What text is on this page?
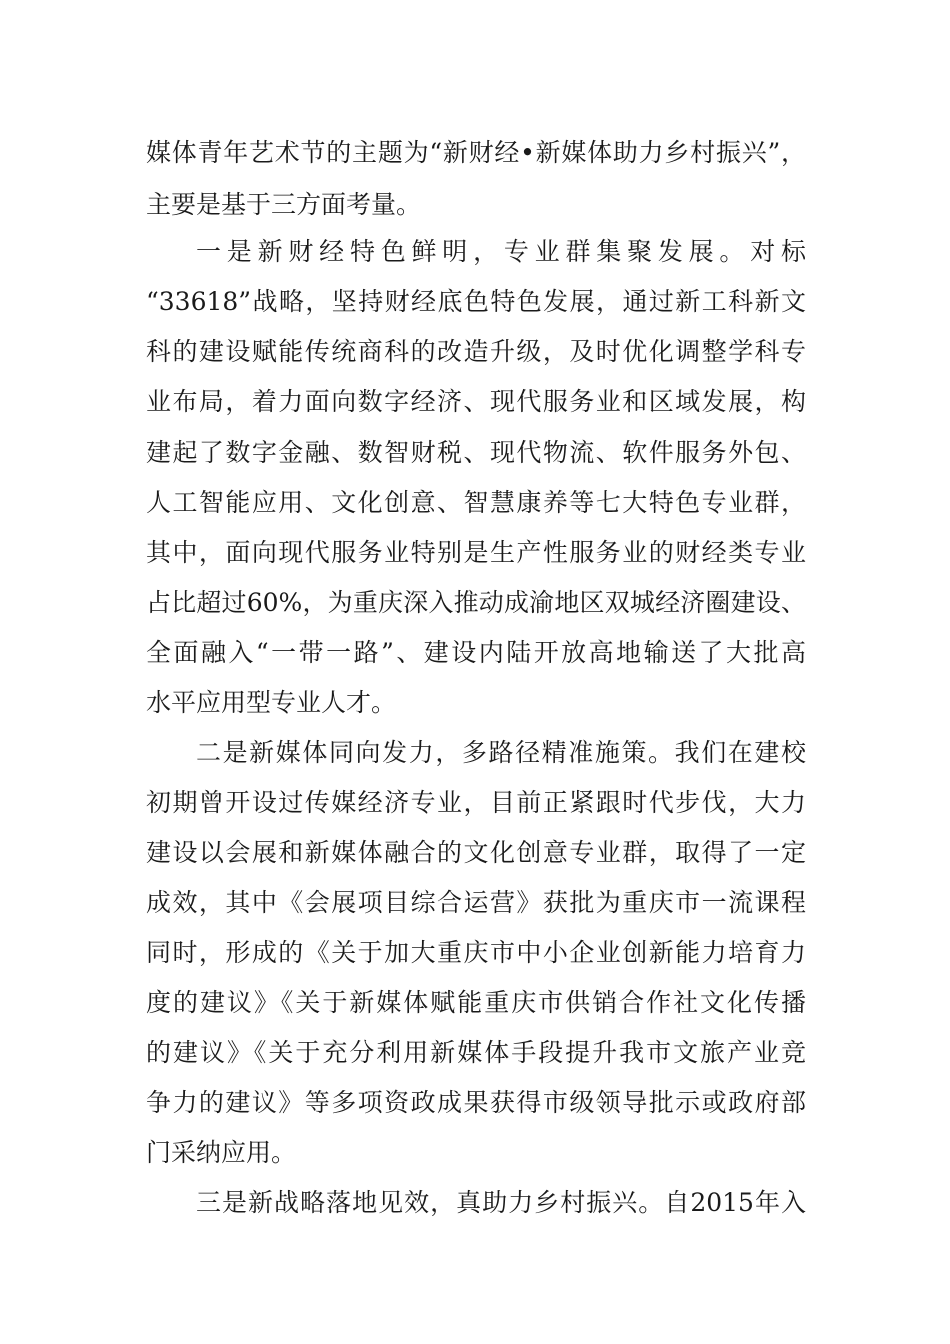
媒体青年艺术节的主题为“新财经•新媒体助力乡村振兴”，
主要是基于三方面考量。
一是新财经特色鲜明，专业群集聚发展。对标
“33618”战略，坚持财经底色特色发展，通过新工科新文
科的建设赋能传统商科的改造升级，及时优化调整学科专
业布局，着力面向数字经济、现代服务业和区域发展，构
建起了数字金融、数智财税、现代物流、软件服务外包、
人工智能应用、文化创意、智慧康养等七大特色专业群，
其中，面向现代服务业特别是生产性服务业的财经类专业
占比超过60%，为重庆深入推动成渝地区双城经济圈建设、
全面融入“一带一路”、建设内陆开放高地输送了大批高
水平应用型专业人才。
二是新媒体同向发力，多路径精准施策。我们在建校
初期曾开设过传媒经济专业，目前正紧跟时代步伐，大力
建设以会展和新媒体融合的文化创意专业群，取得了一定
成效，其中《会展项目综合运营》获批为重庆市一流课程
同时，形成的《关于加大重庆市中小企业创新能力培育力
度的建议》《关于新媒体赋能重庆市供销合作社文化传播
的建议》《关于充分利用新媒体手段提升我市文旅产业竞
争力的建议》等多项资政成果获得市级领导批示或政府部
门采纳应用。
三是新战略落地见效，真助力乡村振兴。自2015年入
